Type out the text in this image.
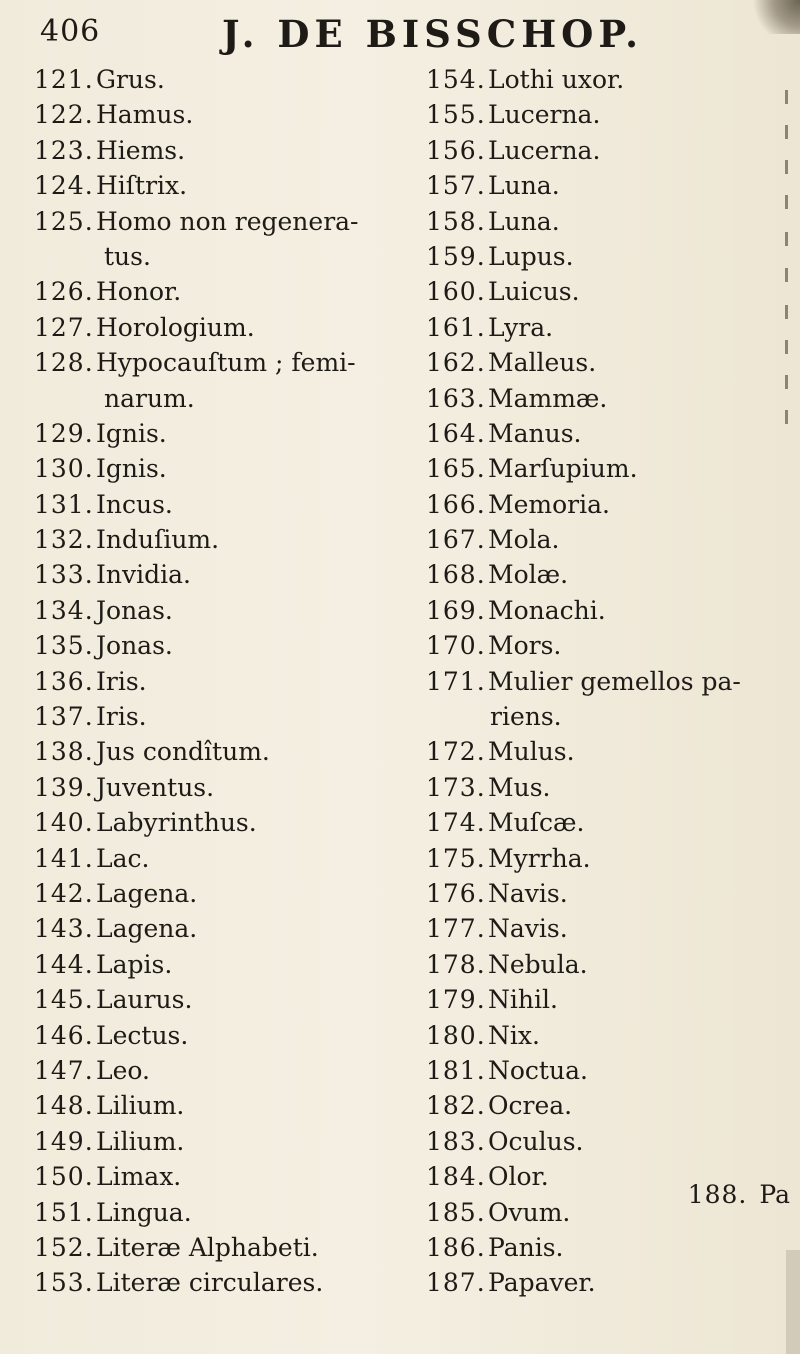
406	J. DE BISSCHOP.
121.Grus.
122.Hamus.
123.Hiems.
124.Hiſtrix.
125.Homo non regenera-
tus.
126.Honor.
127.Horologium.
128.Hypocauſtum ; femi-
narum.
129.Ignis.
130.Ignis.
131.Incus.
132.Induſium.
133.Invidia.
134.Jonas.
135.Jonas.
136.Iris.
137.Iris.
138.Jus condîtum.
139.Juventus.
140.Labyrinthus.
141.Lac.
142.Lagena.
143.Lagena.
144.Lapis.
145.Laurus.
146.Lectus.
147.Leo.
148.Lilium.
149.Lilium.
150.Limax.
151.Lingua.
152.Literæ Alphabeti.
153.Literæ circulares.
154.Lothi uxor.
155.Lucerna.
156.Lucerna.
157.Luna.
158.Luna.
159.Lupus.
160.Luicus.
161.Lyra.
162.Malleus.
163.Mammæ.
164.Manus.
165.Marſupium.
166.Memoria.
167.Mola.
168.Molæ.
169.Monachi.
170.Mors.
171.Mulier gemellos pa-
riens.
172.Mulus.
173.Mus.
174.Muſcæ.
175.Myrrha.
176.Navis.
177.Navis.
178.Nebula.
179.Nihil.
180.Nix.
181.Noctua.
182.Ocrea.
183.Oculus.
184.Olor.
185.Ovum.
186.Panis.
187.Papaver.
188. Pa
